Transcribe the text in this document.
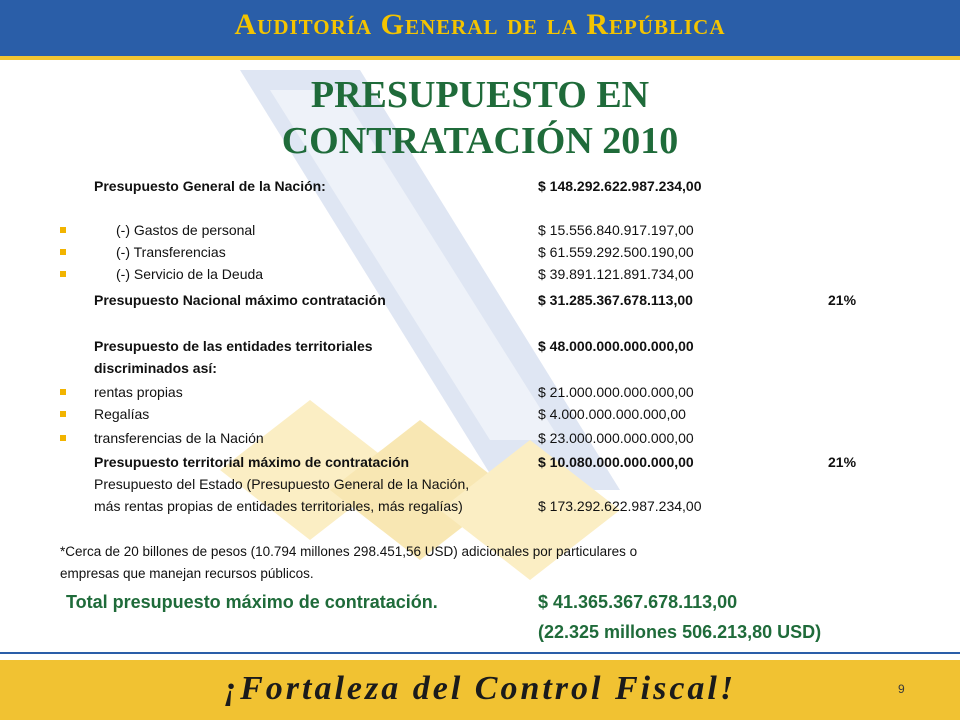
Auditoría General de la República
PRESUPUESTO EN
CONTRATACIÓN 2010
Presupuesto General de la Nación:	$ 148.292.622.987.234,00
(-) Gastos de personal	$ 15.556.840.917.197,00
(-) Transferencias	$ 61.559.292.500.190,00
(-) Servicio de la Deuda	$ 39.891.121.891.734,00
Presupuesto Nacional máximo contratación	$ 31.285.367.678.113,00	21%
Presupuesto de las entidades territoriales	$ 48.000.000.000.000,00
discriminados así:
rentas propias	$ 21.000.000.000.000,00
Regalías	$ 4.000.000.000.000,00
transferencias de la Nación	$ 23.000.000.000.000,00
Presupuesto territorial máximo de contratación	$ 10.080.000.000.000,00	21%
Presupuesto del Estado (Presupuesto General de la Nación,
más rentas propias de entidades territoriales, más regalías)	$ 173.292.622.987.234,00
*Cerca de 20 billones de pesos (10.794 millones 298.451,56 USD) adicionales por particulares o
empresas que manejan recursos públicos.
Total presupuesto máximo de contratación.	$ 41.365.367.678.113,00
(22.325 millones 506.213,80 USD)
¡Fortaleza del Control Fiscal!	9
